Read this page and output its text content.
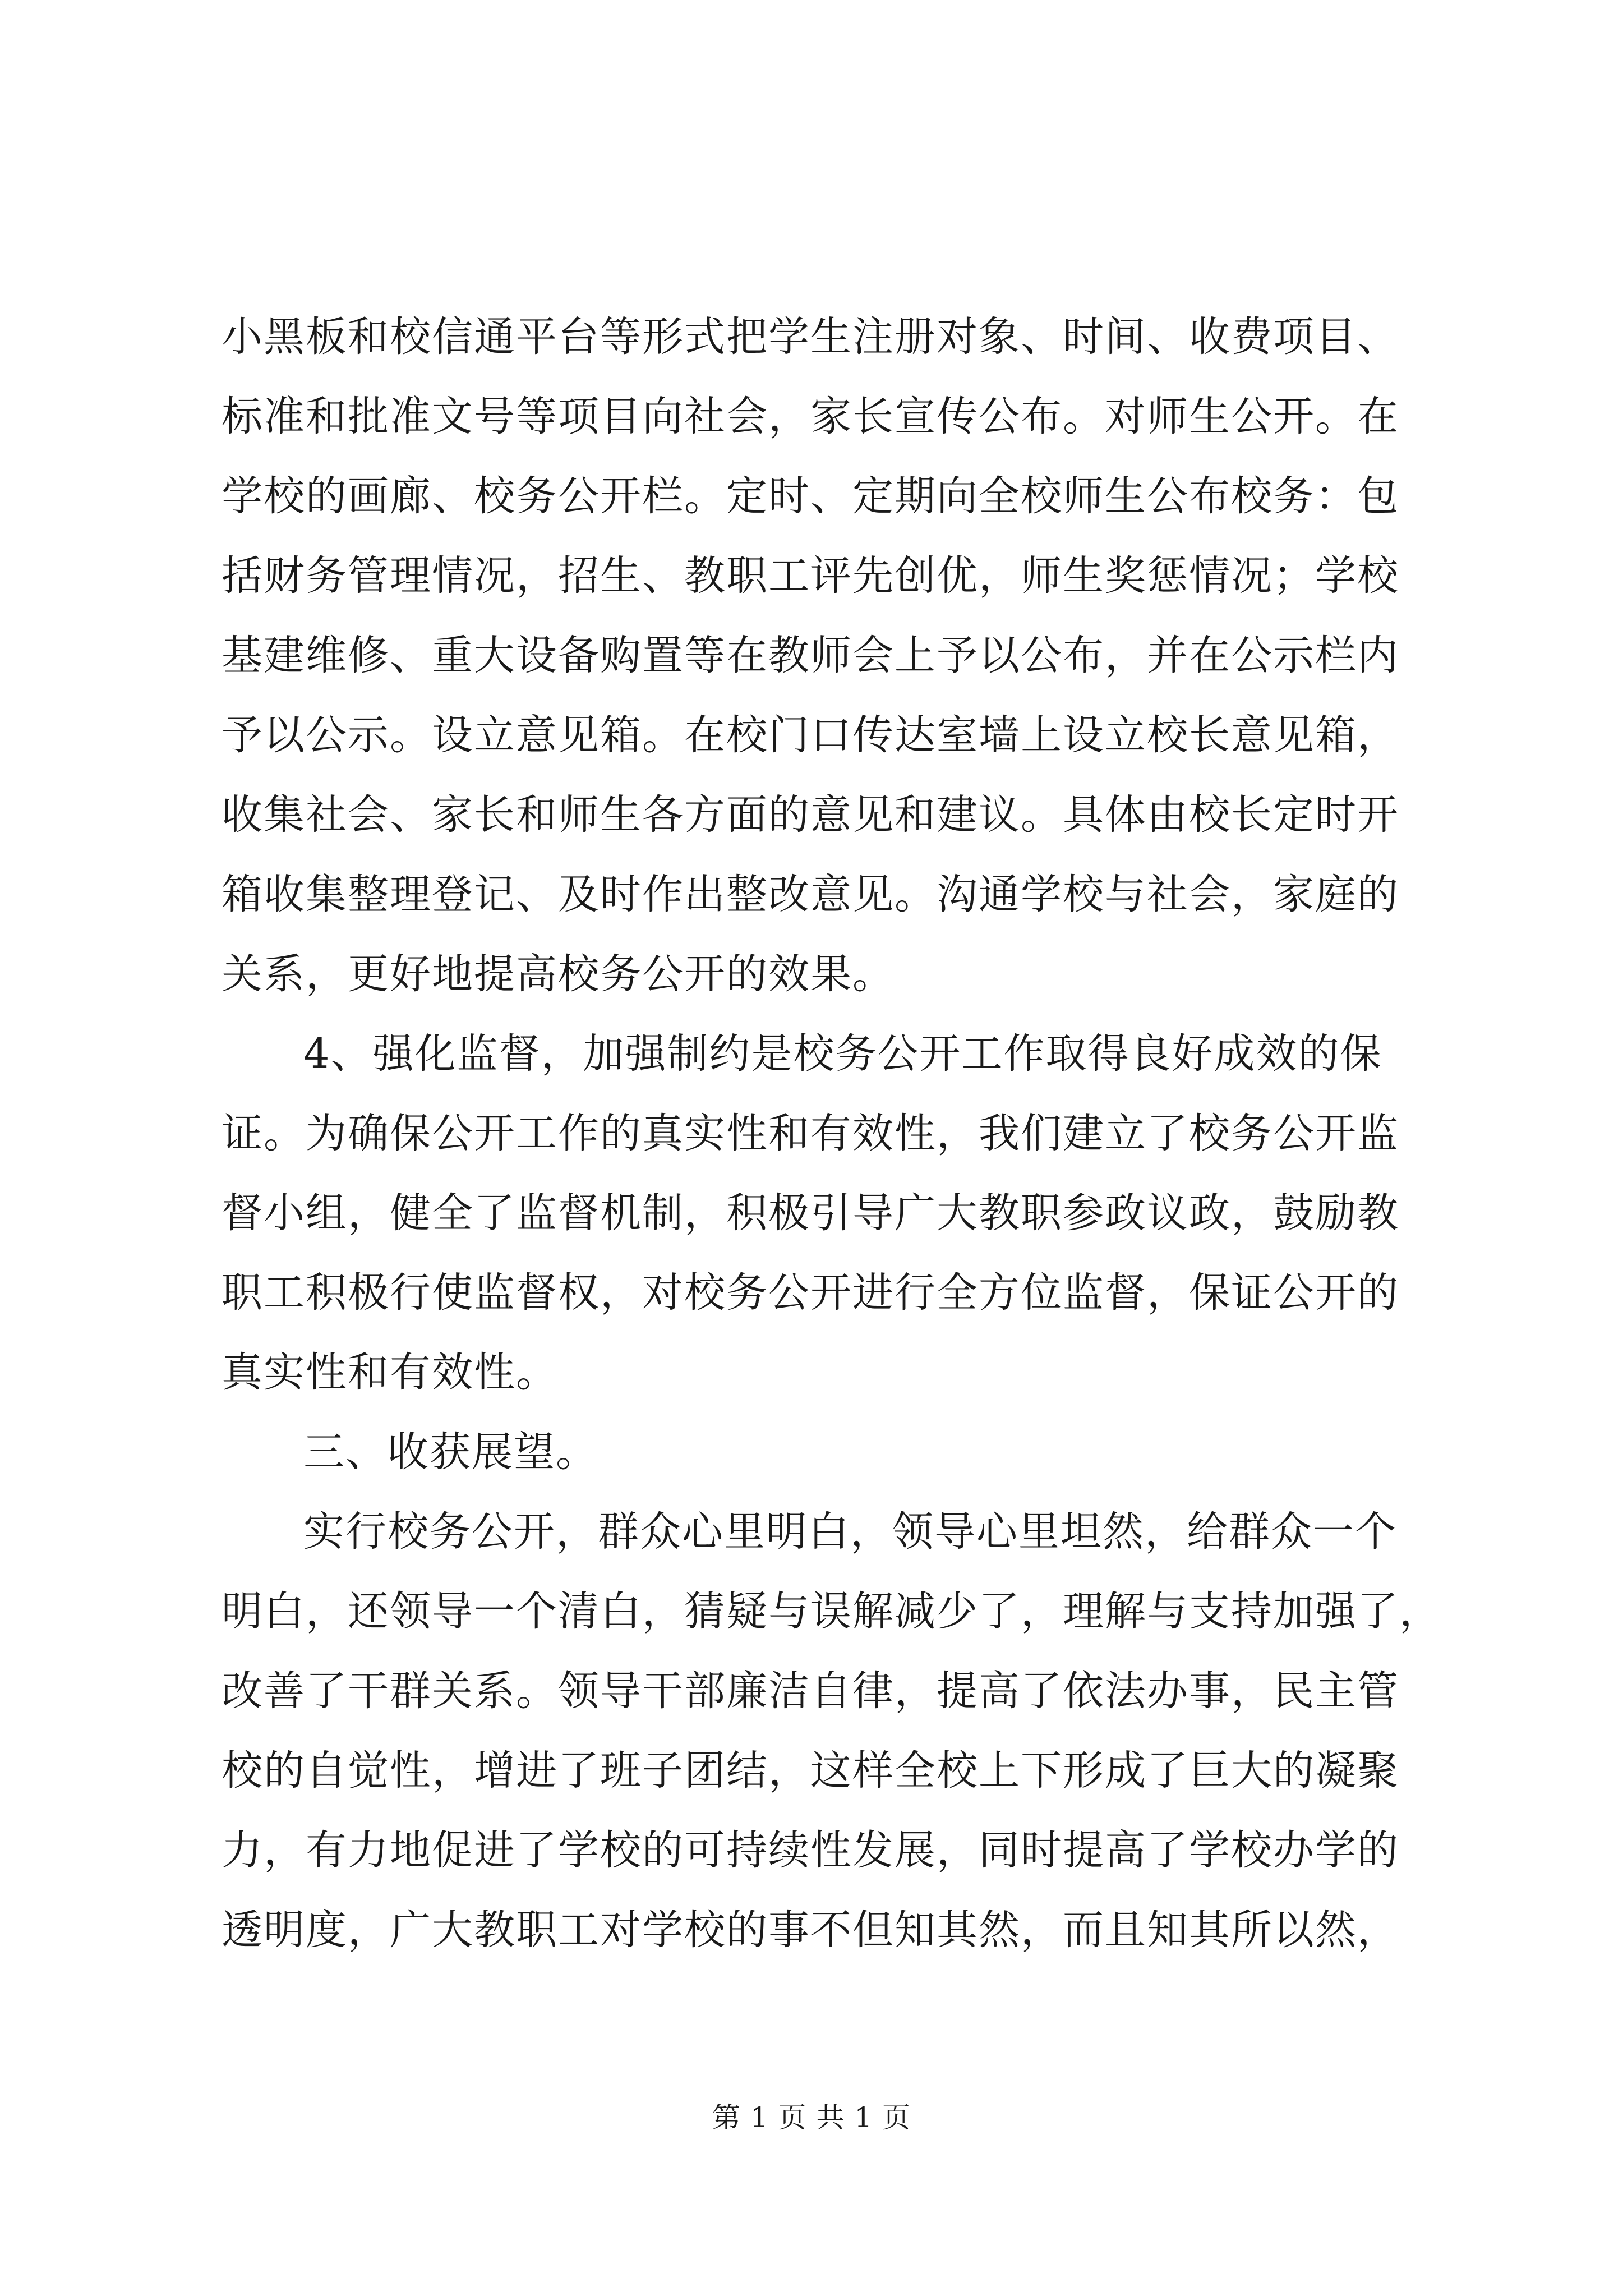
小黑板和校信通平台等形式把学生注册对象、时间、收费项目、
标准和批准文号等项目向社会，家长宣传公布。对师生公开。在
学校的画廊、校务公开栏。定时、定期向全校师生公布校务：包
括财务管理情况，招生、教职工评先创优，师生奖惩情况；学校
基建维修、重大设备购置等在教师会上予以公布，并在公示栏内
予以公示。设立意见箱。在校门口传达室墙上设立校长意见箱，
收集社会、家长和师生各方面的意见和建议。具体由校长定时开
箱收集整理登记、及时作出整改意见。沟通学校与社会，家庭的
关系，更好地提高校务公开的效果。
4、强化监督，加强制约是校务公开工作取得良好成效的保
证。为确保公开工作的真实性和有效性，我们建立了校务公开监
督小组，健全了监督机制，积极引导广大教职参政议政，鼓励教
职工积极行使监督权，对校务公开进行全方位监督，保证公开的
真实性和有效性。
三、收获展望。
实行校务公开，群众心里明白，领导心里坦然，给群众一个
明白，还领导一个清白，猜疑与误解减少了，理解与支持加强了，
改善了干群关系。领导干部廉洁自律，提高了依法办事，民主管
校的自觉性，增进了班子团结，这样全校上下形成了巨大的凝聚
力，有力地促进了学校的可持续性发展，同时提高了学校办学的
透明度，广大教职工对学校的事不但知其然，而且知其所以然，
第 1 页 共 1 页
